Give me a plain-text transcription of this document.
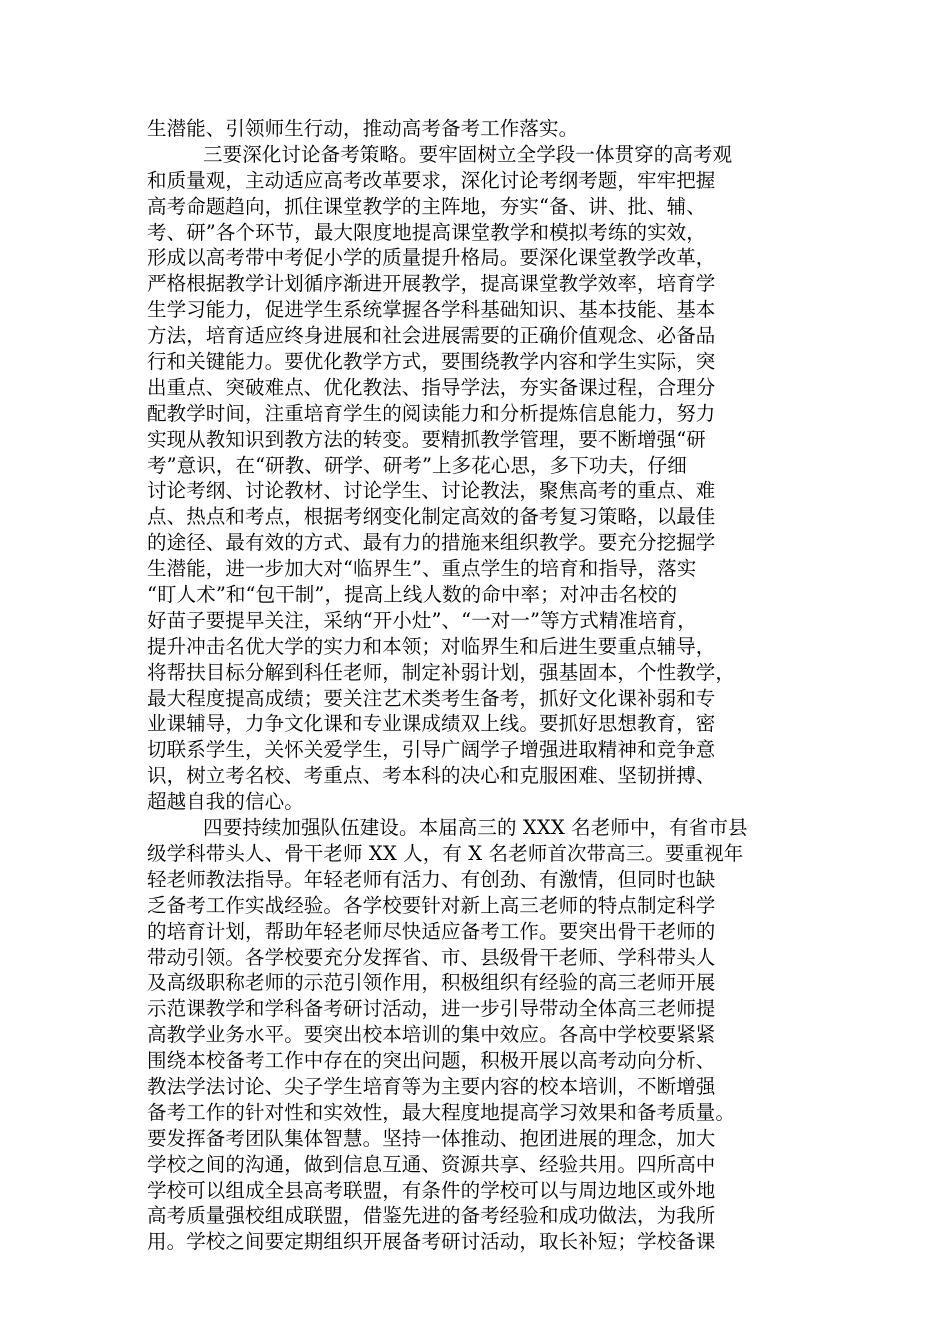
生潜能、引领师生行动，推动高考备考工作落实。
三要深化讨论备考策略。要牢固树立全学段一体贯穿的高考观
和质量观，主动适应高考改革要求，深化讨论考纲考题，牢牢把握
高考命题趋向，抓住课堂教学的主阵地，夯实“备、讲、批、辅、
考、研”各个环节，最大限度地提高课堂教学和模拟考练的实效，
形成以高考带中考促小学的质量提升格局。要深化课堂教学改革，
严格根据教学计划循序渐进开展教学，提高课堂教学效率，培育学
生学习能力，促进学生系统掌握各学科基础知识、基本技能、基本
方法，培育适应终身进展和社会进展需要的正确价值观念、必备品
行和关键能力。要优化教学方式，要围绕教学内容和学生实际，突
出重点、突破难点、优化教法、指导学法，夯实备课过程，合理分
配教学时间，注重培育学生的阅读能力和分析提炼信息能力，努力
实现从教知识到教方法的转变。要精抓教学管理，要不断增强“研
考”意识，在“研教、研学、研考”上多花心思，多下功夫，仔细
讨论考纲、讨论教材、讨论学生、讨论教法，聚焦高考的重点、难
点、热点和考点，根据考纲变化制定高效的备考复习策略，以最佳
的途径、最有效的方式、最有力的措施来组织教学。要充分挖掘学
生潜能，进一步加大对“临界生”、重点学生的培育和指导，落实
“盯人术”和“包干制”，提高上线人数的命中率；对冲击名校的
好苗子要提早关注，采纳“开小灶”、“一对一”等方式精准培育，
提升冲击名优大学的实力和本领；对临界生和后进生要重点辅导，
将帮扶目标分解到科任老师，制定补弱计划，强基固本，个性教学，
最大程度提高成绩；要关注艺术类考生备考，抓好文化课补弱和专
业课辅导，力争文化课和专业课成绩双上线。要抓好思想教育，密
切联系学生，关怀关爱学生，引导广阔学子增强进取精神和竞争意
识，树立考名校、考重点、考本科的决心和克服困难、坚韧拼搏、
超越自我的信心。
四要持续加强队伍建设。本届高三的 XXX 名老师中，有省市县
级学科带头人、骨干老师 XX 人，有 X 名老师首次带高三。要重视年
轻老师教法指导。年轻老师有活力、有创劲、有激情，但同时也缺
乏备考工作实战经验。各学校要针对新上高三老师的特点制定科学
的培育计划，帮助年轻老师尽快适应备考工作。要突出骨干老师的
带动引领。各学校要充分发挥省、市、县级骨干老师、学科带头人
及高级职称老师的示范引领作用，积极组织有经验的高三老师开展
示范课教学和学科备考研讨活动，进一步引导带动全体高三老师提
高教学业务水平。要突出校本培训的集中效应。各高中学校要紧紧
围绕本校备考工作中存在的突出问题，积极开展以高考动向分析、
教法学法讨论、尖子学生培育等为主要内容的校本培训，不断增强
备考工作的针对性和实效性，最大程度地提高学习效果和备考质量。
要发挥备考团队集体智慧。坚持一体推动、抱团进展的理念，加大
学校之间的沟通，做到信息互通、资源共享、经验共用。四所高中
学校可以组成全县高考联盟，有条件的学校可以与周边地区或外地
高考质量强校组成联盟，借鉴先进的备考经验和成功做法，为我所
用。学校之间要定期组织开展备考研讨活动，取长补短；学校备课
